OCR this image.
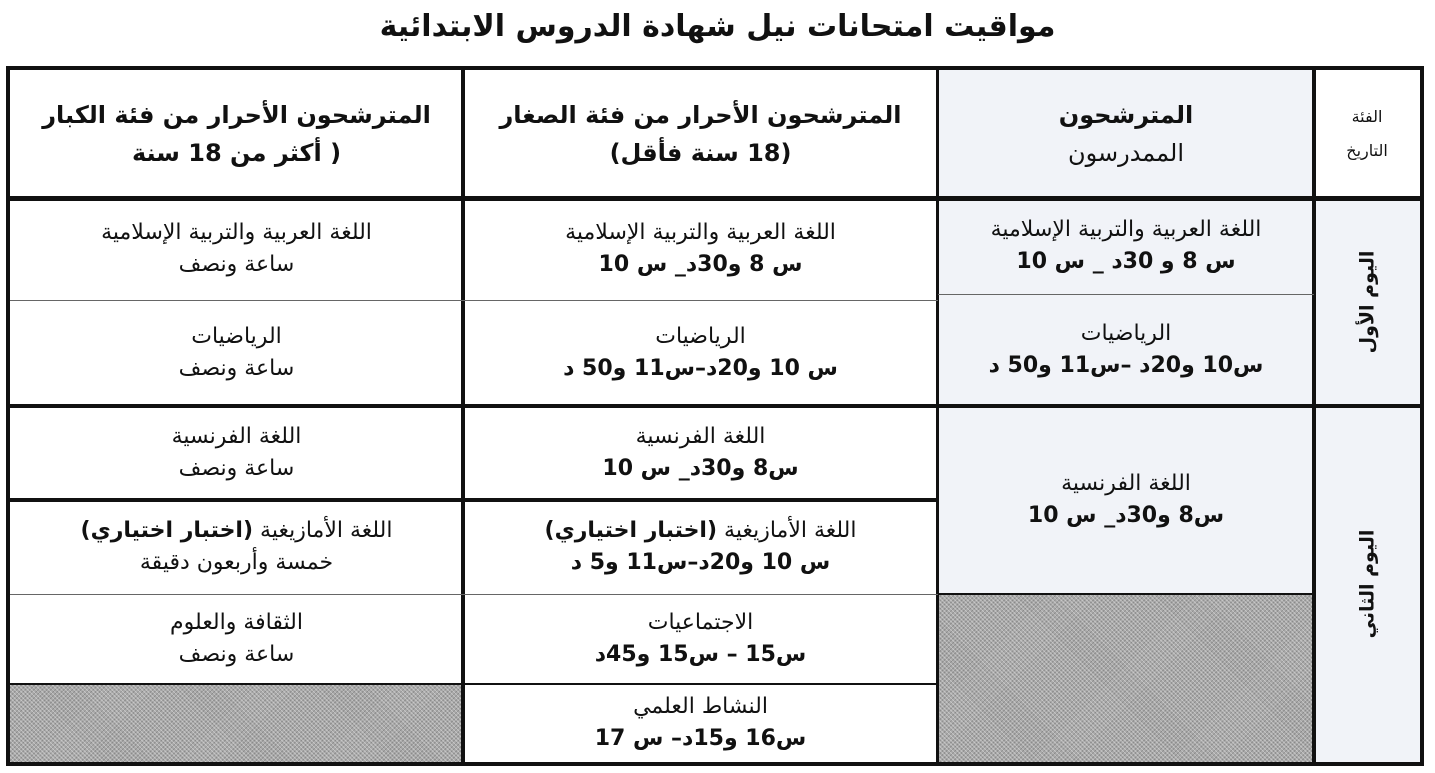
مواقيت امتحانات نيل شهادة الدروس الابتدائية
الفئة
التاريخ
المترشحون
الممدرسون
المترشحون الأحرار من فئة الصغار
(18 سنة فأقل)
المترشحون الأحرار من فئة الكبار
( أكثر من 18 سنة
اليوم الأول
اليوم الثاني
اللغة العربية والتربية الإسلامية
س 8 و 30د _ س 10
الرياضيات
س10 و20د –س11 و50 د
اللغة الفرنسية
س8 و30د_ س 10
اللغة العربية والتربية الإسلامية
س 8 و30د_ س 10
الرياضيات
س 10 و20د–س11 و50 د
اللغة الفرنسية
س8 و30د_ س 10
اللغة الأمازيغية (اختبار اختياري)
س 10 و20د–س11 و5 د
الاجتماعيات
س15 – س15 و45د
النشاط العلمي
س16 و15د– س 17
اللغة العربية والتربية الإسلامية
ساعة ونصف
الرياضيات
ساعة ونصف
اللغة الفرنسية
ساعة ونصف
اللغة الأمازيغية (اختبار اختياري)
خمسة وأربعون دقيقة
الثقافة والعلوم
ساعة ونصف
